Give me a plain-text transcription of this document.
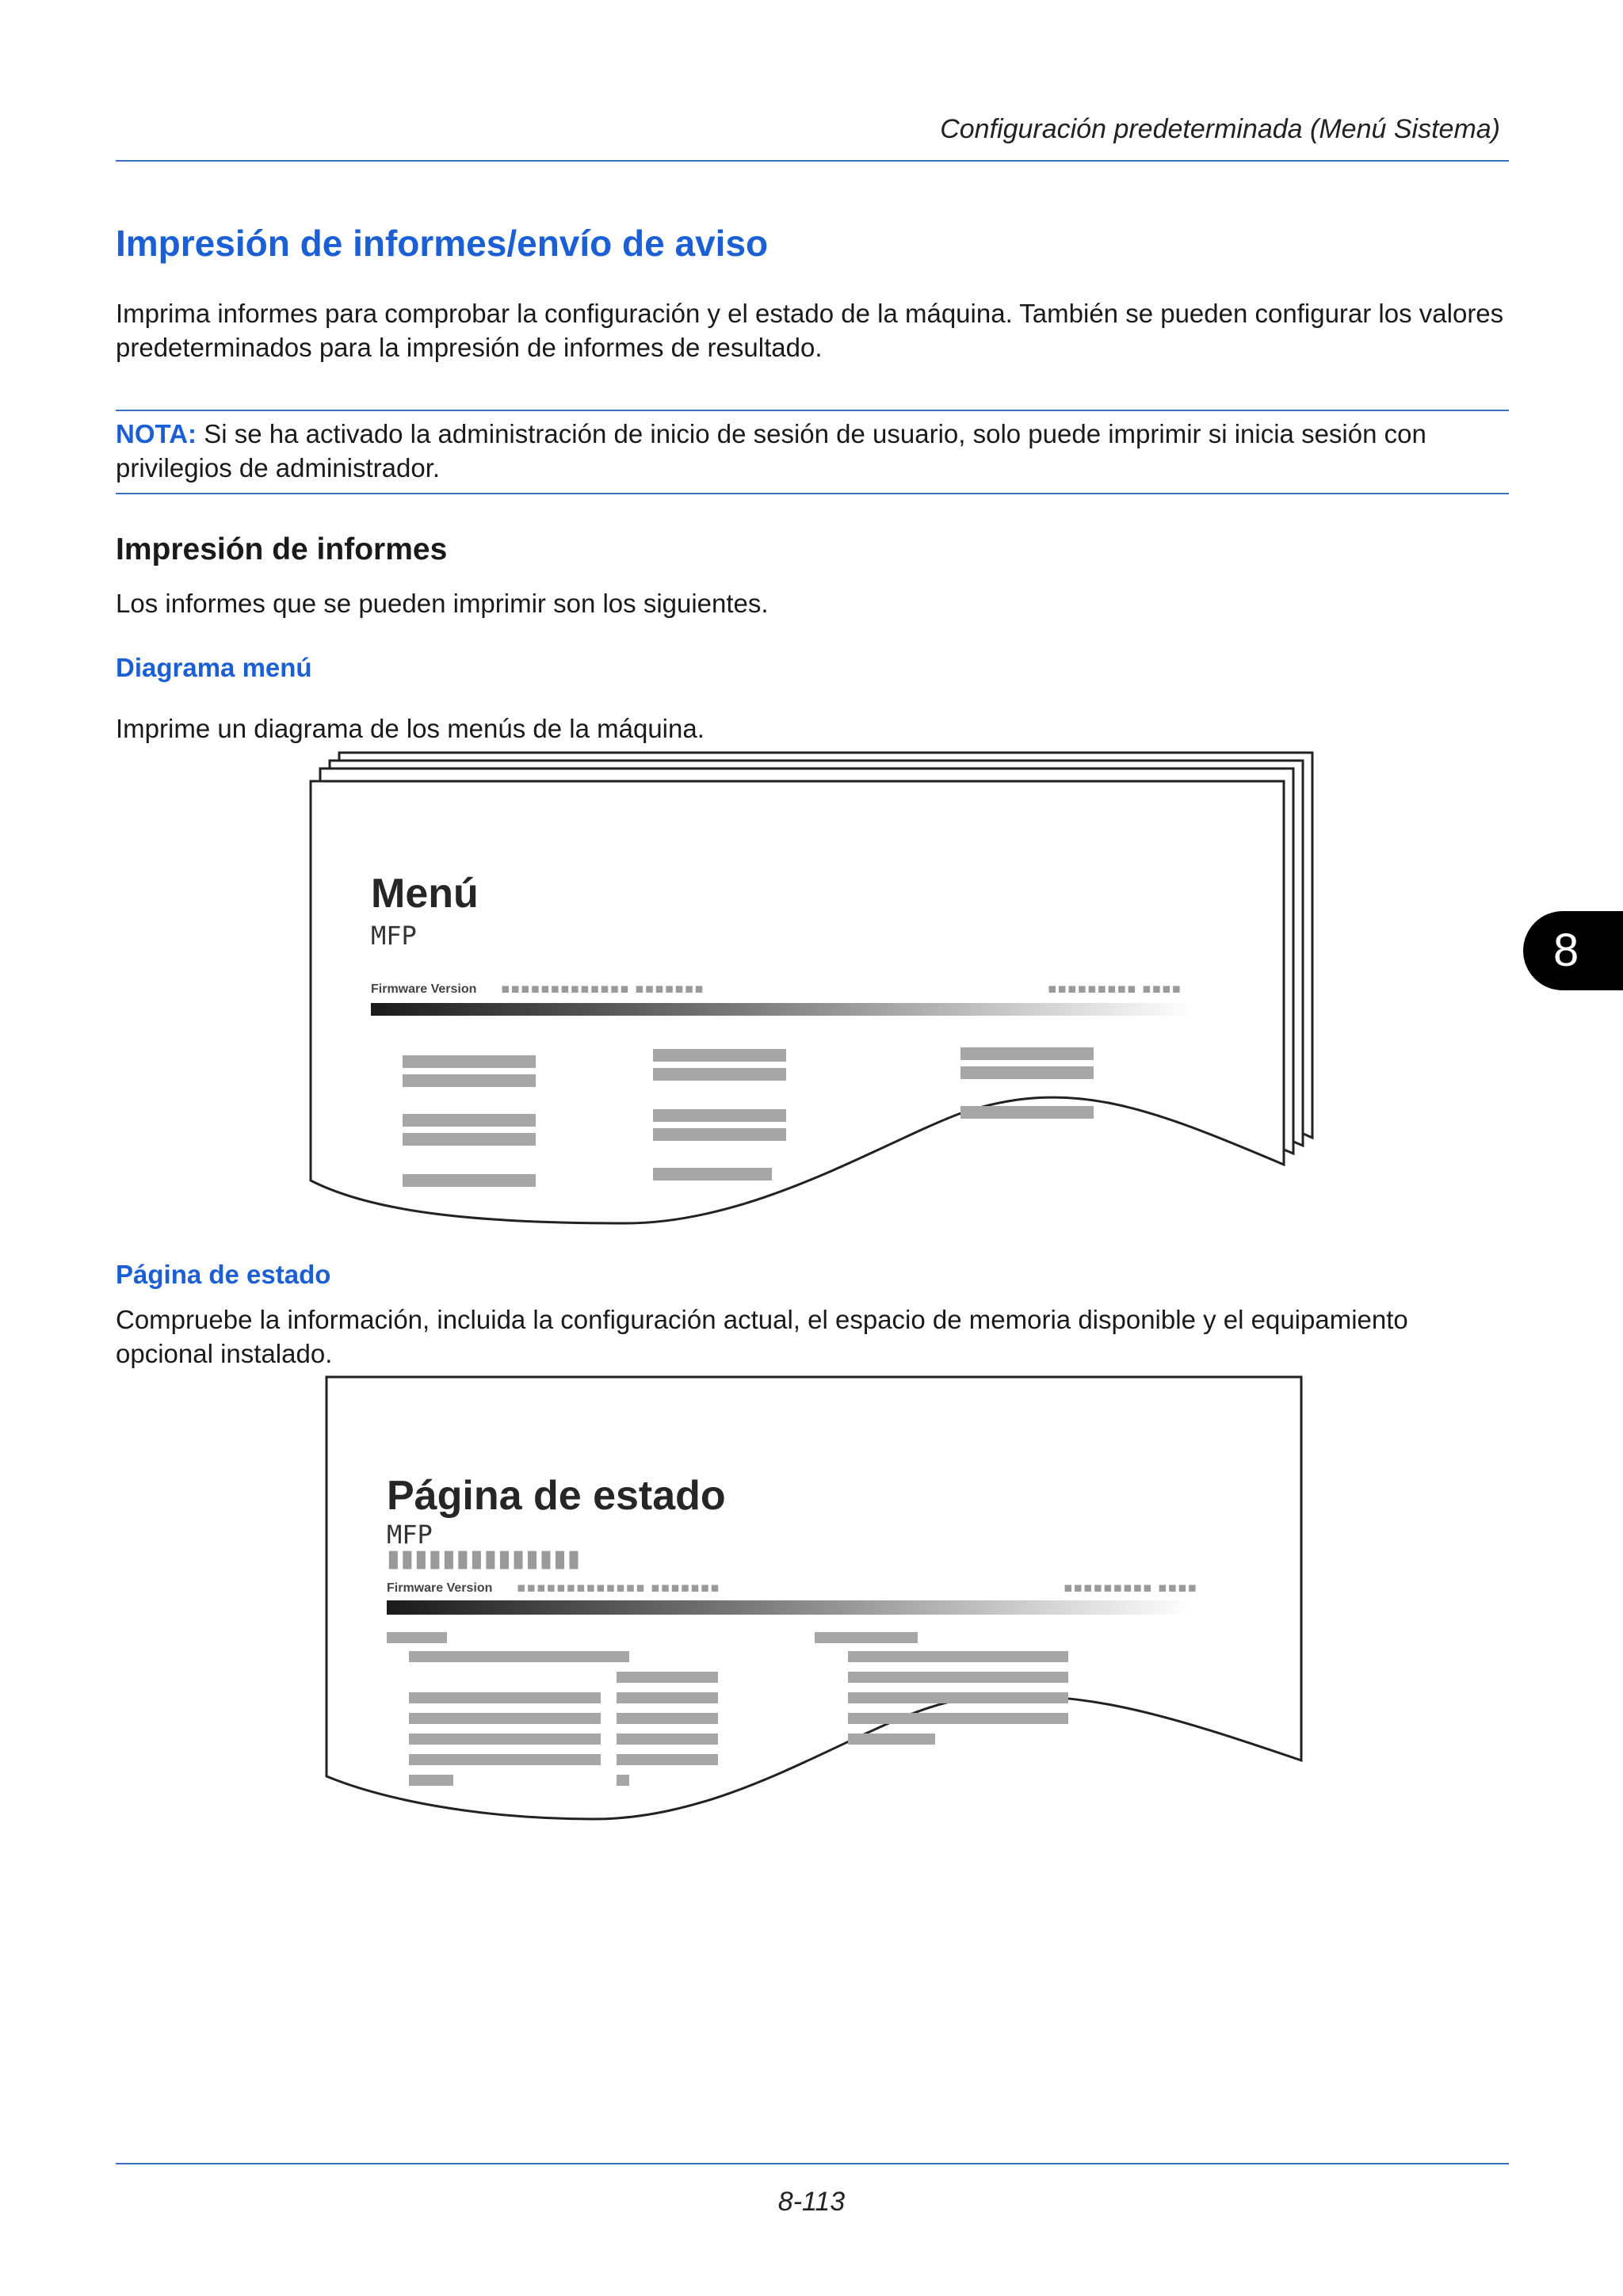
Configuración predeterminada (Menú Sistema)
Impresión de informes/envío de aviso
Imprima informes para comprobar la configuración y el estado de la máquina. También se pueden configurar los valores predeterminados para la impresión de informes de resultado.
NOTA: Si se ha activado la administración de inicio de sesión de usuario, solo puede imprimir si inicia sesión con privilegios de administrador.
Impresión de informes
Los informes que se pueden imprimir son los siguientes.
Diagrama menú
Imprime un diagrama de los menús de la máquina.
Menú
MFP
Firmware Version ▪▪▪▪▪▪▪▪▪▪▪▪▪ ▪▪▪▪▪▪▪	▪▪▪▪▪▪▪▪▪ ▪▪▪▪
Página de estado
Compruebe la información, incluida la configuración actual, el espacio de memoria disponible y el equipamiento opcional instalado.
Página de estado
MFP
▮▮▮▮▮▮▮▮▮▮▮▮▮▮
Firmware Version ▪▪▪▪▪▪▪▪▪▪▪▪▪ ▪▪▪▪▪▪▪	▪▪▪▪▪▪▪▪▪ ▪▪▪▪
8
8-113
